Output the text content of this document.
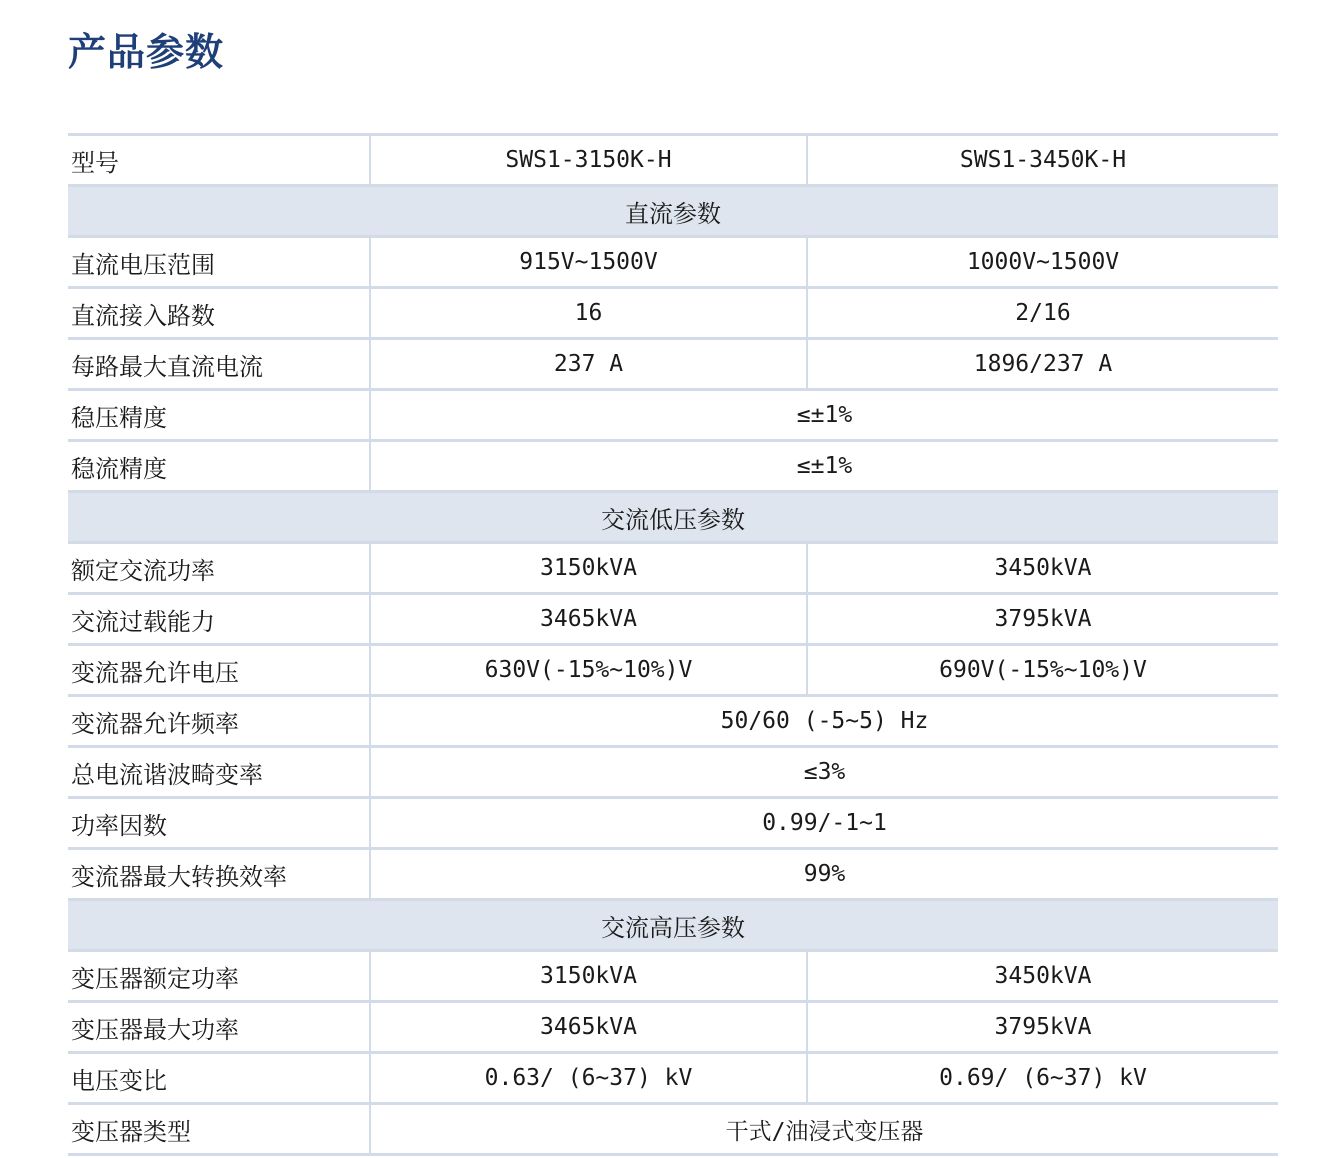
产品参数
型号	SWS1-3150K-H	SWS1-3450K-H
直流参数		
直流电压范围	915V~1500V	1000V~1500V
直流接入路数	16	2/16
每路最大直流电流	237 A	1896/237 A
稳压精度	≤±1%	
稳流精度	≤±1%	
交流低压参数		
额定交流功率	3150kVA	3450kVA
交流过载能力	3465kVA	3795kVA
变流器允许电压	630V(-15%~10%)V	690V(-15%~10%)V
变流器允许频率	50/60 (-5~5) Hz	
总电流谐波畸变率	≤3%	
功率因数	0.99/-1~1	
变流器最大转换效率	99%	
交流高压参数		
变压器额定功率	3150kVA	3450kVA
变压器最大功率	3465kVA	3795kVA
电压变比	0.63/ (6~37) kV	0.69/ (6~37) kV
变压器类型	干式/油浸式变压器	
